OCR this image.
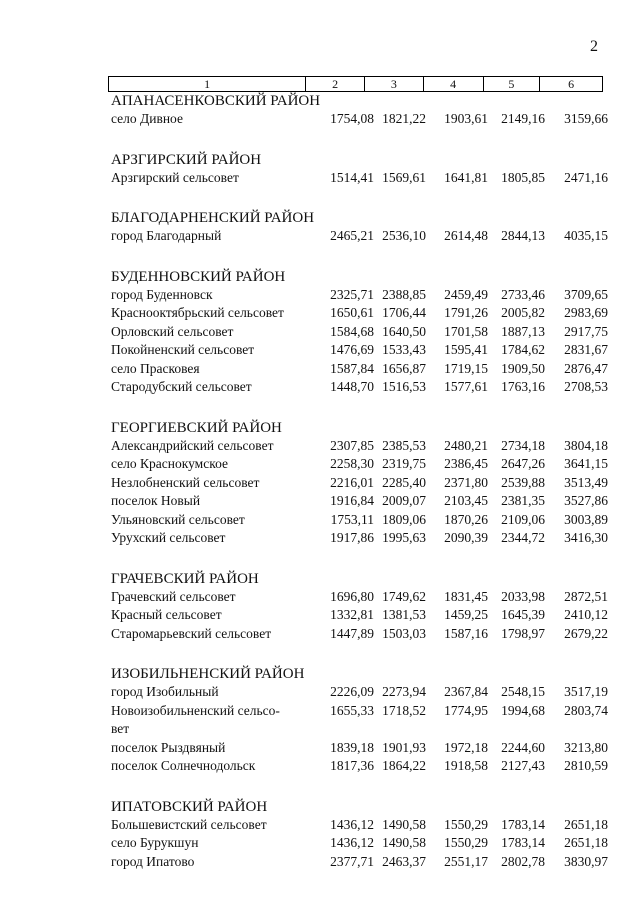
2
1	2	3	4	5	6
АПАНАСЕНКОВСКИЙ РАЙОН
село Дивное	1754,08 1821,22	1903,61 2149,16	3159,66
АРЗГИРСКИЙ РАЙОН
Арзгирский сельсовет	1514,41 1569,61	1641,81 1805,85	2471,16
БЛАГОДАРНЕНСКИЙ РАЙОН
город Благодарный	2465,21 2536,10	2614,48 2844,13	4035,15
БУДЕННОВСКИЙ РАЙОН
город Буденновск	2325,71 2388,85	2459,49 2733,46	3709,65
Краснооктябрьский сельсовет	1650,61 1706,44	1791,26 2005,82	2983,69
Орловский сельсовет	1584,68 1640,50	1701,58 1887,13	2917,75
Покойненский сельсовет	1476,69 1533,43	1595,41 1784,62	2831,67
село Прасковея	1587,84 1656,87	1719,15 1909,50	2876,47
Стародубский сельсовет	1448,70 1516,53	1577,61 1763,16	2708,53
ГЕОРГИЕВСКИЙ РАЙОН
Александрийский сельсовет	2307,85 2385,53	2480,21 2734,18	3804,18
село Краснокумское	2258,30 2319,75	2386,45 2647,26	3641,15
Незлобненский сельсовет	2216,01 2285,40	2371,80 2539,88	3513,49
поселок Новый	1916,84 2009,07	2103,45 2381,35	3527,86
Ульяновский сельсовет	1753,11 1809,06	1870,26 2109,06	3003,89
Урухский сельсовет	1917,86 1995,63	2090,39 2344,72	3416,30
ГРАЧЕВСКИЙ РАЙОН
Грачевский сельсовет	1696,80 1749,62	1831,45 2033,98	2872,51
Красный сельсовет	1332,81 1381,53	1459,25 1645,39	2410,12
Старомарьевский сельсовет	1447,89 1503,03	1587,16 1798,97	2679,22
ИЗОБИЛЬНЕНСКИЙ РАЙОН
город Изобильный	2226,09 2273,94	2367,84 2548,15	3517,19
Новоизобильненский сельсо-
вет
1655,33 1718,52	1774,95 1994,68	2803,74
поселок Рыздвяный	1839,18 1901,93	1972,18 2244,60	3213,80
поселок Солнечнодольск	1817,36 1864,22	1918,58 2127,43	2810,59
ИПАТОВСКИЙ РАЙОН
Большевистский сельсовет	1436,12 1490,58	1550,29 1783,14	2651,18
село Бурукшун	1436,12 1490,58	1550,29 1783,14	2651,18
город Ипатово	2377,71 2463,37	2551,17 2802,78	3830,97
